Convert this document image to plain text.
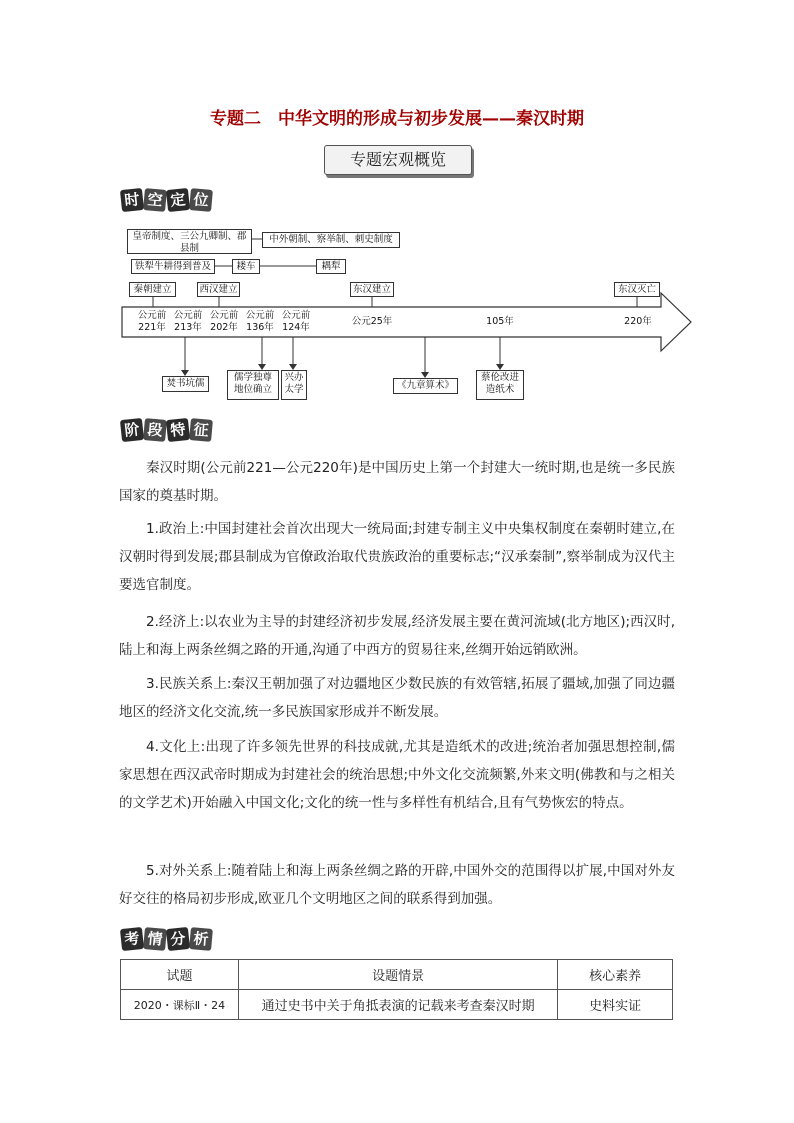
专题二　中华文明的形成与初步发展——秦汉时期
专题宏观概览
时 空 定 位
皇帝制度、三公九卿制、郡县制
中外朝制、察举制、刺史制度
铁犁牛耕得到普及	耧车	耦犁
秦朝建立	西汉建立	东汉建立	东汉灭亡
公元前221年
公元前213年
公元前202年
公元前136年
公元前124年
公元25年	105年	220年
焚书坑儒
儒学独尊地位确立
兴办太学	《九章算术》
蔡伦改进造纸术
阶 段 特 征
秦汉时期(公元前221—公元220年)是中国历史上第一个封建大一统时期,也是统一多民族国家的奠基时期。
1.政治上:中国封建社会首次出现大一统局面;封建专制主义中央集权制度在秦朝时建立,在汉朝时得到发展;郡县制成为官僚政治取代贵族政治的重要标志;“汉承秦制”,察举制成为汉代主要选官制度。
2.经济上:以农业为主导的封建经济初步发展,经济发展主要在黄河流域(北方地区);西汉时,陆上和海上两条丝绸之路的开通,沟通了中西方的贸易往来,丝绸开始远销欧洲。
3.民族关系上:秦汉王朝加强了对边疆地区少数民族的有效管辖,拓展了疆域,加强了同边疆地区的经济文化交流,统一多民族国家形成并不断发展。
4.文化上:出现了许多领先世界的科技成就,尤其是造纸术的改进;统治者加强思想控制,儒家思想在西汉武帝时期成为封建社会的统治思想;中外文化交流频繁,外来文明(佛教和与之相关的文学艺术)开始融入中国文化;文化的统一性与多样性有机结合,且有气势恢宏的特点。
5.对外关系上:随着陆上和海上两条丝绸之路的开辟,中国外交的范围得以扩展,中国对外友好交往的格局初步形成,欧亚几个文明地区之间的联系得到加强。
考 情 分 析
试题	设题情景	核心素养
2020・课标Ⅱ・24	通过史书中关于角抵表演的记载来考查秦汉时期	史料实证
